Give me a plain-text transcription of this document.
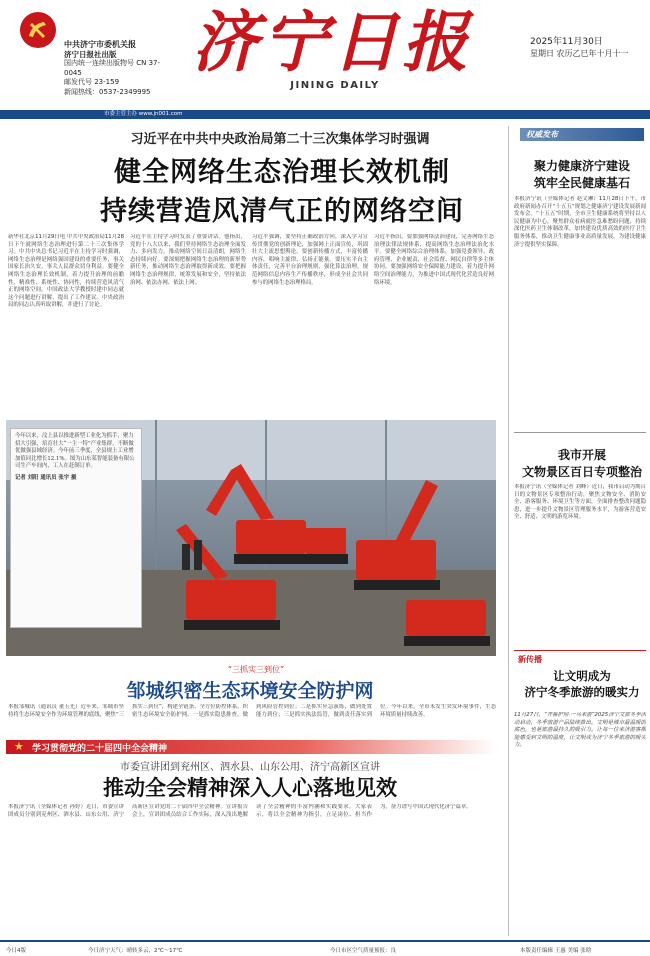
中共济宁市委机关报
济宁日报社出版
国内统一连续出版物号 CN 37-0045
邮发代号 23-159
新闻热线：0537-2349995
济宁日报
JINING DAILY
2025年11月30日
星期日 农历乙巳年十月十一
市委主管主办 www.jn001.com
习近平在中共中央政治局第二十三次集体学习时强调
健全网络生态治理长效机制
持续营造风清气正的网络空间
新华社北京11月29日电 中共中央政治局11月28日下午就网络生态治理进行第二十三次集体学习。中共中央总书记习近平在主持学习时强调，网络生态治理是网络强国建设的重要任务，事关国家长治久安，事关人民群众切身利益。要健全网络生态治理长效机制，着力提升治理的前瞻性、精准性、系统性、协同性，持续营造风清气正的网络空间。中国政法大学教授时建中同志就这个问题进行讲解，提出了工作建议。中央政治局的同志认真听取讲解，并进行了讨论。
习近平在主持学习时发表了重要讲话。他指出，党的十八大以来，我们坚持网络生态治理全面发力、多向发力，推动网络空间日益清朗，网络生态持续向好。要深刻把握网络生态治理的新形势新任务，推动网络生态治理取得新成效。要把握网络生态治理规律，统筹发展和安全，坚持依法治网、依法办网、依法上网。
习近平强调，要坚持正确政治方向，深入学习宣传贯彻党的创新理论，加强网上正面宣传，巩固壮大主流思想舆论。要创新传播方式，丰富传播内容，唱响主旋律、弘扬正能量。要压实平台主体责任，完善平台治理规则，强化算法治理，规范网络信息内容生产传播秩序，形成全社会共同参与的网络生态治理格局。
习近平指出，要加强网络法治建设，完善网络生态治理法律法规体系，提高网络生态治理法治化水平。要健全网络综合治理体系，加强党委领导、政府管理、企业履责、社会监督、网民自律等多主体协同。要加强网络安全保障能力建设，着力提升网络空间治理能力，为推进中国式现代化营造良好网络环境。
今年以来，汶上县以推进新型工业化为抓手，聚力招大引强，培育壮大“一主一特”产业集群，不断做优做强县域经济。今年前三季度，全县规上工业增加值同比增长12.1%。图为山东某智能装备有限公司生产车间内，工人在赶制订单。
记者 刘阳 通讯员 张宇 摄
“三抓实三到位”
邹城织密生态环境安全防护网
本报邹城讯（通讯员 董玉光）近年来，邹城市坚持将生态环境安全作为环境管理的底线，聚焦“三抓实三到位”，构建全链条、全方位防控体系，织密生态环境安全防护网。一是抓实隐患排查，做到风险管控到位；二是抓实应急演练，做到处置能力到位；三是抓实执法监管，做到责任落实到位。今年以来，全市未发生突发环境事件，生态环境质量持续改善。
★ 学习贯彻党的二十届四中全会精神
市委宣讲团到兖州区、泗水县、山东公用、济宁高新区宣讲
推动全会精神深入人心落地见效
本报济宁讯（全媒体记者 孙婷）近日，市委宣讲团成员分别到兖州区、泗水县、山东公用、济宁高新区宣讲党的二十届四中全会精神。宣讲报告会上，宣讲团成员结合工作实际，深入浅出地解读了全会精神的丰富内涵和实践要求。大家表示，将以全会精神为指引，立足岗位、担当作为，奋力谱写中国式现代化济宁篇章。
权威发布
聚力健康济宁建设
筑牢全民健康基石
本报济宁讯（全媒体记者 赵文琳）11月28日下午，市政府新闻办召开“十五五”规划之健康济宁建设发展新闻发布会。“十五五”时期，全市卫生健康系统将坚持以人民健康为中心，聚焦群众看病就医急难愁盼问题，持续深化医药卫生体制改革，加快建设优质高效的医疗卫生服务体系，推动卫生健康事业高质量发展，为建设健康济宁提供坚实保障。
我市开展
文物景区百日专项整治
本报济宁讯（全媒体记者 刘峰）近日，我市启动为期百日的文物景区专项整治行动，聚焦文物安全、消防安全、游客服务、环境卫生等方面，全面排查整改问题隐患，进一步提升文物景区管理服务水平，为游客营造安全、舒适、文明的游览环境。
新传播
让文明成为
济宁冬季旅游的暖实力
11月27日，“齐鲁护照·一马来游”2025济宁文旅冬季活动启动，冬季旅游产品陆续推出。文明是城市最温暖的底色，也是旅游最持久的吸引力。让每一位来济游客都能感受到文明的温度，让文明成为济宁冬季旅游的暖实力。
今日4版	今日济宁天气：晴转多云，2℃～17℃	今日市区空气质量预报：良	本版责任编辑 王惠 美编 张晗
